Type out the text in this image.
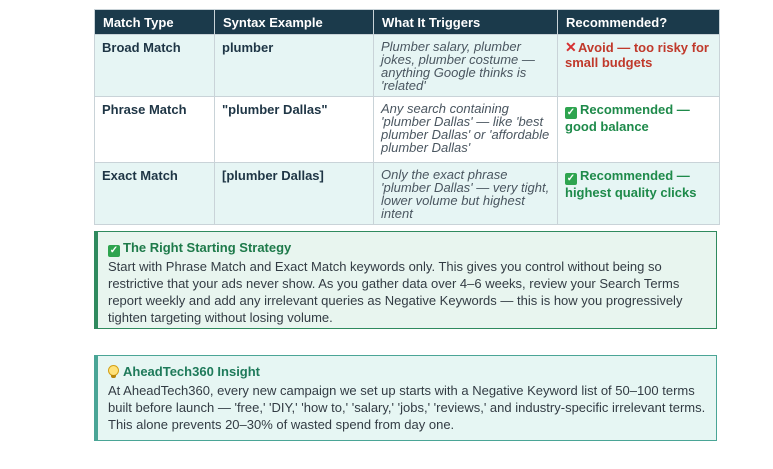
Match Type	Syntax Example	What It Triggers	Recommended?
Broad Match	plumber	Plumber salary, plumber jokes, plumber costume — anything Google thinks is 'related'	✕Avoid — too risky for small budgets
Phrase Match	"plumber Dallas"	Any search containing 'plumber Dallas' — like 'best plumber Dallas' or 'affordable plumber Dallas'	✓ Recommended — good balance
Exact Match	[plumber Dallas]	Only the exact phrase 'plumber Dallas' — very tight, lower volume but highest intent	✓ Recommended — highest quality clicks
✓ The Right Starting Strategy
Start with Phrase Match and Exact Match keywords only. This gives you control without being so restrictive that your ads never show. As you gather data over 4–6 weeks, review your Search Terms report weekly and add any irrelevant queries as Negative Keywords — this is how you progressively tighten targeting without losing volume.
AheadTech360 Insight
At AheadTech360, every new campaign we set up starts with a Negative Keyword list of 50–100 terms built before launch — 'free,' 'DIY,' 'how to,' 'salary,' 'jobs,' 'reviews,' and industry-specific irrelevant terms. This alone prevents 20–30% of wasted spend from day one.
